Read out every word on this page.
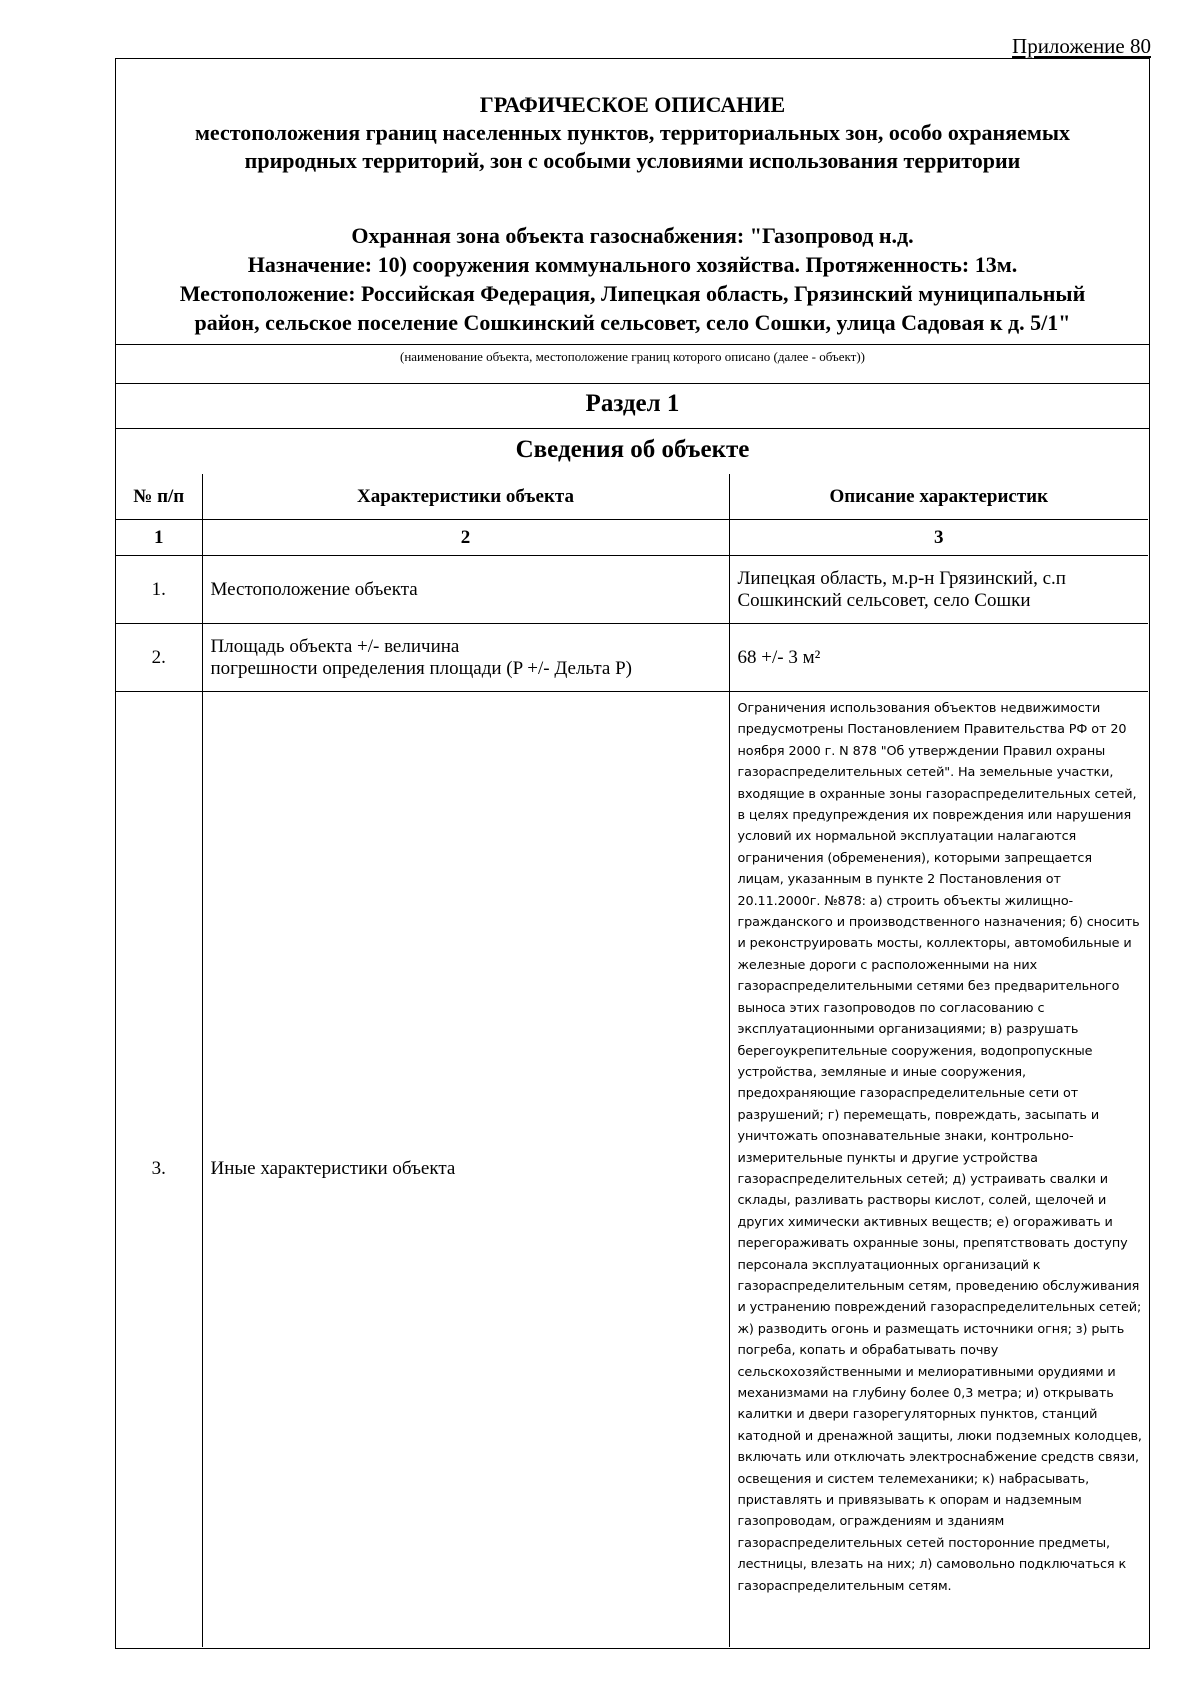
Приложение 80
ГРАФИЧЕСКОЕ ОПИСАНИЕ
местоположения границ населенных пунктов, территориальных зон, особо охраняемых
природных территорий, зон с особыми условиями использования территории
Охранная зона объекта газоснабжения: "Газопровод н.д.
Назначение: 10) сооружения коммунального хозяйства. Протяженность: 13м.
Местоположение: Российская Федерация, Липецкая область, Грязинский муниципальный
район, сельское поселение Сошкинский сельсовет, село Сошки, улица Садовая к д. 5/1"
(наименование объекта, местоположение границ которого описано (далее - объект))
Раздел 1
Сведения об объекте
№ п/п	Характеристики объекта	Описание характеристик
1	2	3
1.	Местоположение объекта	Липецкая область, м.р-н Грязинский, с.п
Сошкинский сельсовет, село Сошки

2.	Площадь объекта +/- величина
погрешности определения площади (P +/- Дельта P)	68 +/- 3 м²
3.	Иные характеристики объекта	Ограничения использования объектов недвижимости предусмотрены Постановлением Правительства РФ от 20 ноября 2000 г. N 878 "Об утверждении Правил охраны газораспределительных сетей". На земельные участки, входящие в охранные зоны газораспределительных сетей, в целях предупреждения их повреждения или нарушения условий их нормальной эксплуатации налагаются ограничения (обременения), которыми запрещается лицам, указанным в пункте 2 Постановления от 20.11.2000г. №878: а) строить объекты жилищно-гражданского и производственного назначения; б) сносить и реконструировать мосты, коллекторы, автомобильные и железные дороги с расположенными на них газораспределительными сетями без предварительного выноса этих газопроводов по согласованию с эксплуатационными организациями; в) разрушать берегоукрепительные сооружения, водопропускные устройства, земляные и иные сооружения, предохраняющие газораспределительные сети от разрушений; г) перемещать, повреждать, засыпать и уничтожать опознавательные знаки, контрольно-измерительные пункты и другие устройства газораспределительных сетей; д) устраивать свалки и склады, разливать растворы кислот, солей, щелочей и других химически активных веществ; е) огораживать и перегораживать охранные зоны, препятствовать доступу персонала эксплуатационных организаций к газораспределительным сетям, проведению обслуживания и устранению повреждений газораспределительных сетей; ж) разводить огонь и размещать источники огня; з) рыть погреба, копать и обрабатывать почву сельскохозяйственными и мелиоративными орудиями и механизмами на глубину более 0,3 метра; и) открывать калитки и двери газорегуляторных пунктов, станций катодной и дренажной защиты, люки подземных колодцев, включать или отключать электроснабжение средств связи, освещения и систем телемеханики; к) набрасывать, приставлять и привязывать к опорам и надземным газопроводам, ограждениям и зданиям газораспределительных сетей посторонние предметы, лестницы, влезать на них; л) самовольно подключаться к газораспределительным сетям.
